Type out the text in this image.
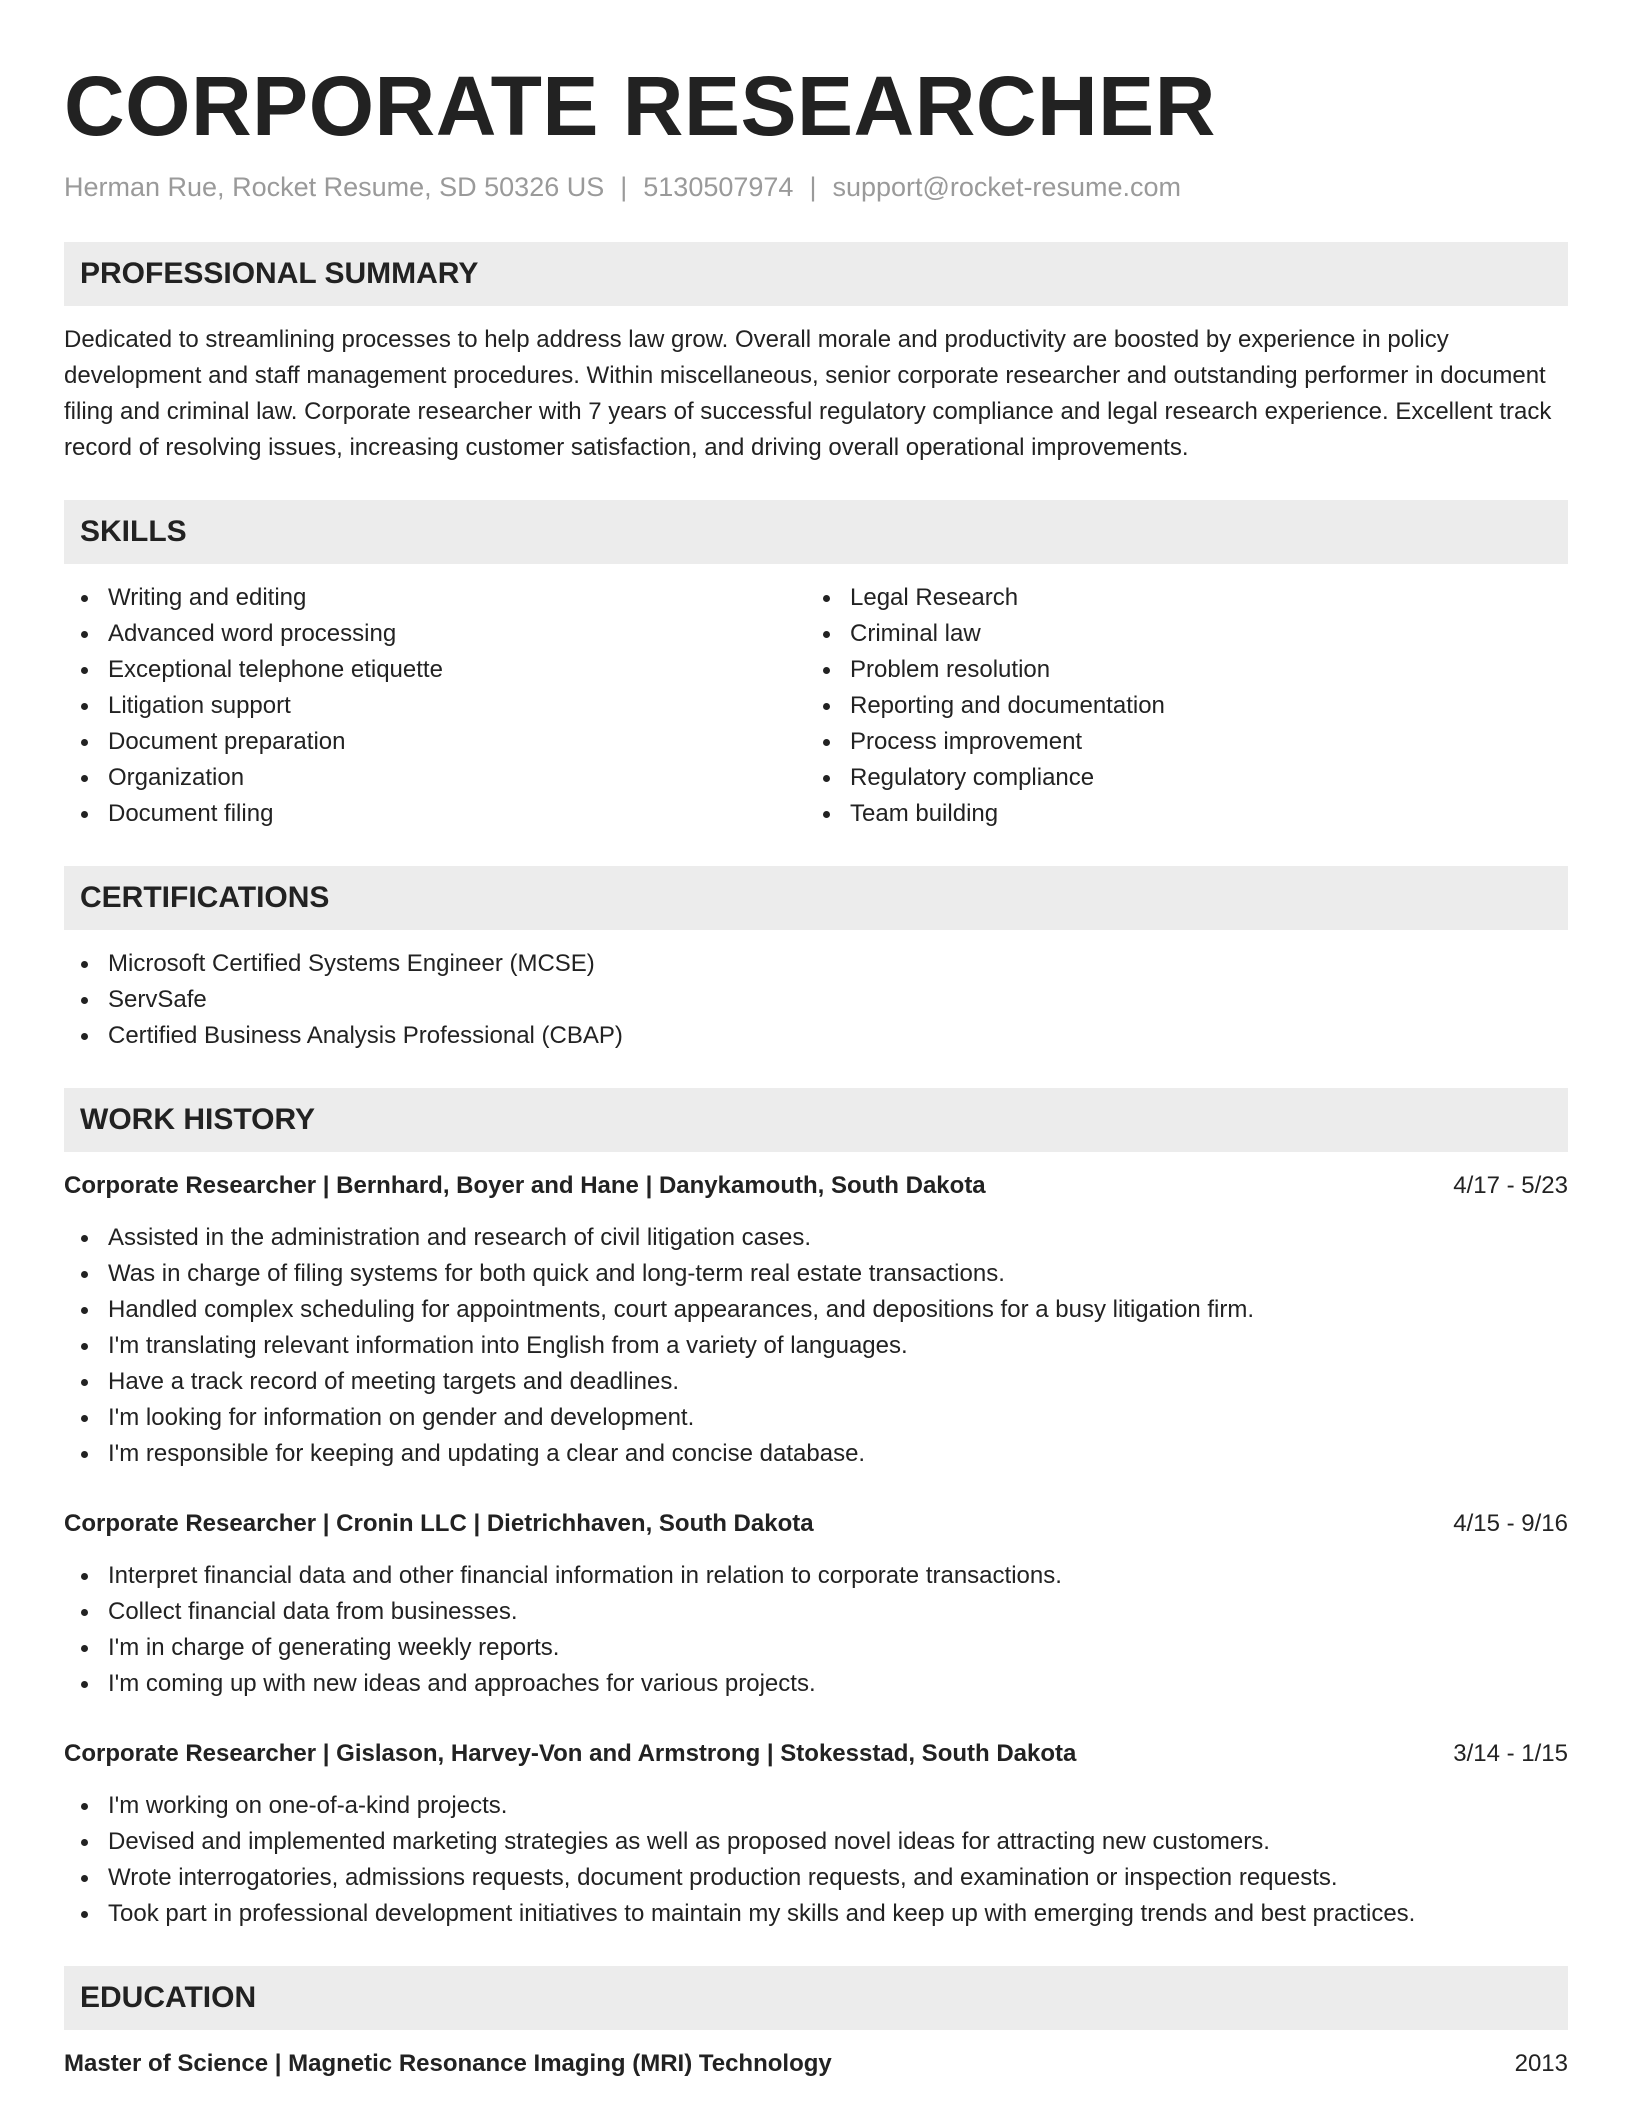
CORPORATE RESEARCHER
Herman Rue, Rocket Resume, SD 50326 US | 5130507974 | support@rocket-resume.com
PROFESSIONAL SUMMARY

Dedicated to streamlining processes to help address law grow. Overall morale and productivity are boosted by experience in policy development and staff management procedures. Within miscellaneous, senior corporate researcher and outstanding performer in document filing and criminal law. Corporate researcher with 7 years of successful regulatory compliance and legal research experience. Excellent track record of resolving issues, increasing customer satisfaction, and driving overall operational improvements.

SKILLS
Writing and editing
Advanced word processing
Exceptional telephone etiquette
Litigation support
Document preparation
Organization
Document filing
Legal Research
Criminal law
Problem resolution
Reporting and documentation
Process improvement
Regulatory compliance
Team building
CERTIFICATIONS
Microsoft Certified Systems Engineer (MCSE)
ServSafe
Certified Business Analysis Professional (CBAP)
WORK HISTORY
Corporate Researcher | Bernhard, Boyer and Hane | Danykamouth, South Dakota	4/17 - 5/23
Assisted in the administration and research of civil litigation cases.
Was in charge of filing systems for both quick and long-term real estate transactions.
Handled complex scheduling for appointments, court appearances, and depositions for a busy litigation firm.
I'm translating relevant information into English from a variety of languages.
Have a track record of meeting targets and deadlines.
I'm looking for information on gender and development.
I'm responsible for keeping and updating a clear and concise database.
Corporate Researcher | Cronin LLC | Dietrichhaven, South Dakota	4/15 - 9/16
Interpret financial data and other financial information in relation to corporate transactions.
Collect financial data from businesses.
I'm in charge of generating weekly reports.
I'm coming up with new ideas and approaches for various projects.
Corporate Researcher | Gislason, Harvey-Von and Armstrong | Stokesstad, South Dakota	3/14 - 1/15
I'm working on one-of-a-kind projects.
Devised and implemented marketing strategies as well as proposed novel ideas for attracting new customers.
Wrote interrogatories, admissions requests, document production requests, and examination or inspection requests.
Took part in professional development initiatives to maintain my skills and keep up with emerging trends and best practices.
EDUCATION
Master of Science | Magnetic Resonance Imaging (MRI) Technology	2013
